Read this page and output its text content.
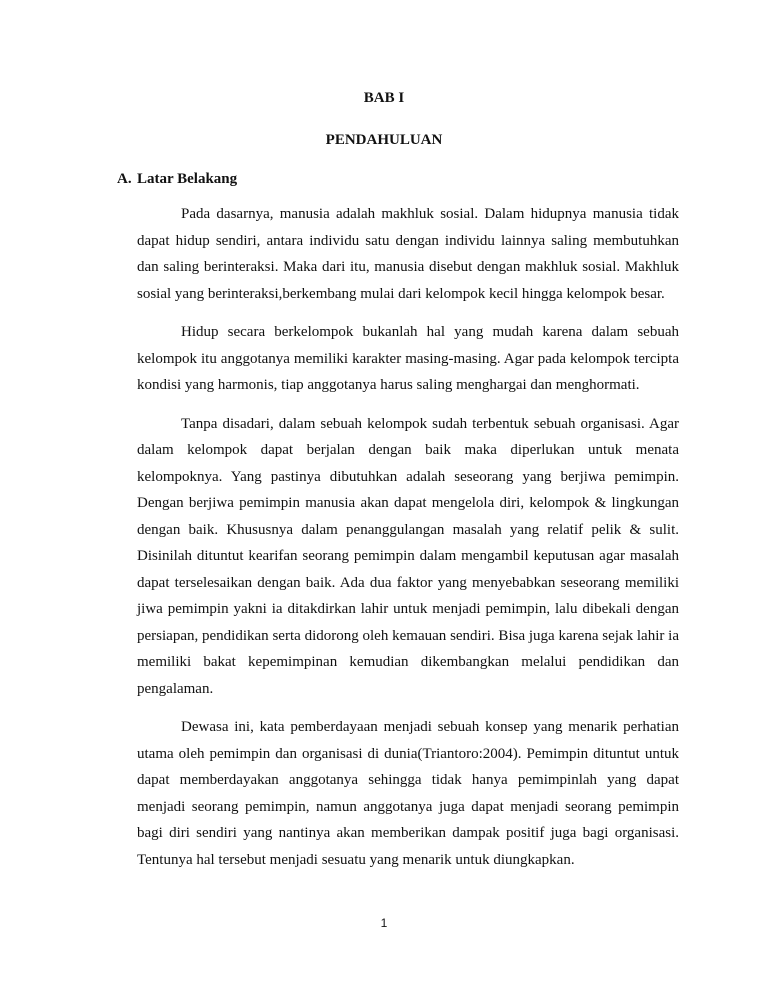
BAB I
PENDAHULUAN
A. Latar Belakang

Pada dasarnya, manusia adalah makhluk sosial. Dalam hidupnya manusia tidak dapat hidup sendiri, antara individu satu dengan individu lainnya saling membutuhkan dan saling berinteraksi. Maka dari itu, manusia disebut dengan makhluk sosial. Makhluk sosial yang berinteraksi,berkembang mulai dari kelompok kecil hingga kelompok besar.

Hidup secara berkelompok bukanlah hal yang mudah karena dalam sebuah kelompok itu anggotanya memiliki karakter masing-masing. Agar pada kelompok tercipta kondisi yang harmonis, tiap anggotanya harus saling menghargai dan menghormati.

Tanpa disadari, dalam sebuah kelompok sudah terbentuk sebuah organisasi. Agar dalam kelompok dapat berjalan dengan baik maka diperlukan untuk menata kelompoknya. Yang pastinya dibutuhkan adalah seseorang yang berjiwa pemimpin. Dengan berjiwa pemimpin manusia akan dapat mengelola diri, kelompok & lingkungan dengan baik. Khususnya dalam penanggulangan masalah yang relatif pelik & sulit. Disinilah dituntut kearifan seorang pemimpin dalam mengambil keputusan agar masalah dapat terselesaikan dengan baik. Ada dua faktor yang menyebabkan seseorang memiliki jiwa pemimpin yakni ia ditakdirkan lahir untuk menjadi pemimpin, lalu dibekali dengan persiapan, pendidikan serta didorong oleh kemauan sendiri. Bisa juga karena sejak lahir ia memiliki bakat kepemimpinan kemudian dikembangkan melalui pendidikan dan pengalaman.

Dewasa ini, kata pemberdayaan menjadi sebuah konsep yang menarik perhatian utama oleh pemimpin dan organisasi di dunia(Triantoro:2004). Pemimpin dituntut untuk dapat memberdayakan anggotanya sehingga tidak hanya pemimpinlah yang dapat menjadi seorang pemimpin, namun anggotanya juga dapat menjadi seorang pemimpin bagi diri sendiri yang nantinya akan memberikan dampak positif juga bagi organisasi. Tentunya hal tersebut menjadi sesuatu yang menarik untuk diungkapkan.

1
